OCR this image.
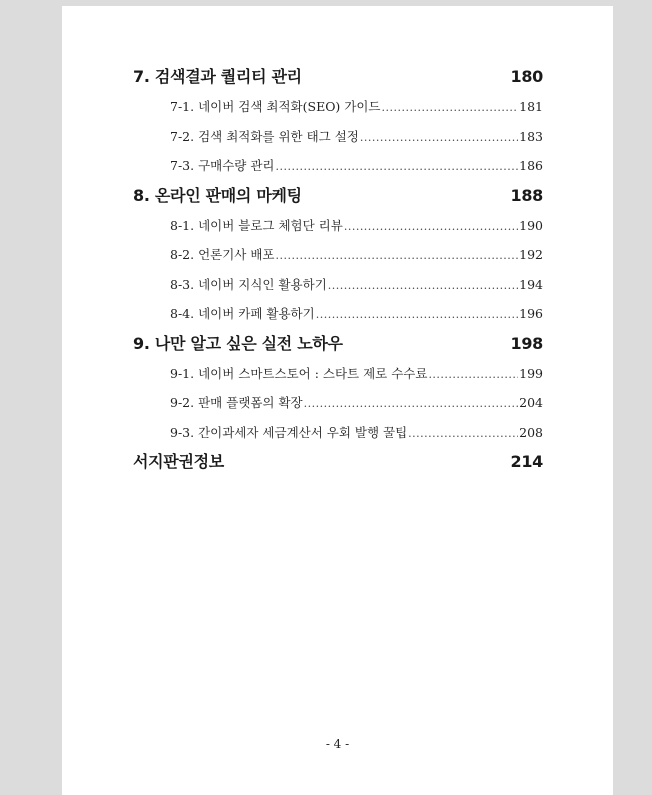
7. 검색결과 퀄리티 관리	180
7-1. 네이버 검색 최적화(SEO) 가이드 .....	181
7-2. 검색 최적화를 위한 태그 설정 .....	183
7-3. 구매수량 관리 .....	186
8. 온라인 판매의 마케팅	188
8-1. 네이버 블로그 체험단 리뷰 .....	190
8-2. 언론기사 배포 .....	192
8-3. 네이버 지식인 활용하기 .....	194
8-4. 네이버 카페 활용하기 .....	196
9. 나만 알고 싶은 실전 노하우	198
9-1. 네이버 스마트스토어 : 스타트 제로 수수료 .....	199
9-2. 판매 플랫폼의 확장 .....	204
9-3. 간이과세자 세금계산서 우회 발행 꿀팁 .....	208
서지판권정보	214
- 4 -
